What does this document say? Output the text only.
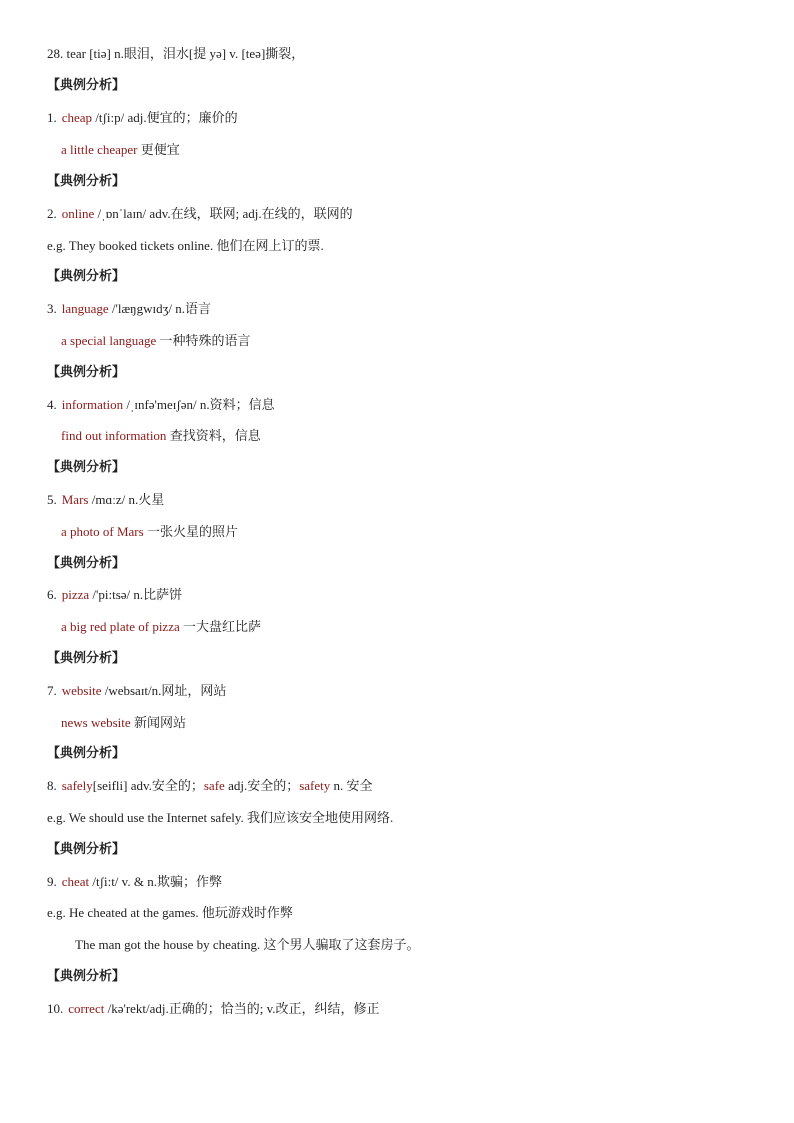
28. tear [tiə] n.眼泪，泪水[提 yə] v. [teə]撕裂，
【典例分析】
1. cheap /tʃi:p/ adj.便宜的；廉价的
a little cheaper 更便宜
【典例分析】
2. online /ˌɒnˈlaɪn/ adv.在线，联网; adj.在线的，联网的
e.g. They booked tickets online. 他们在网上订的票.
【典例分析】
3. language /'læŋgwɪdʒ/ n.语言
a special language 一种特殊的语言
【典例分析】
4. information /ˌɪnfə'meɪʃən/ n.资料；信息
find out information 查找资料，信息
【典例分析】
5. Mars /mɑːz/ n.火星
a photo of Mars 一张火星的照片
【典例分析】
6. pizza /'pi:tsə/ n.比萨饼
a big red plate of pizza 一大盘红比萨
【典例分析】
7. website /websaɪt/n.网址，网站
news website 新闻网站
【典例分析】
8. safely[seifli] adv.安全的；safe adj.安全的；safety n. 安全
e.g. We should use the Internet safely. 我们应该安全地使用网络.
【典例分析】
9. cheat /tʃi:t/ v. & n.欺骗；作弊
e.g. He cheated at the games. 他玩游戏时作弊
The man got the house by cheating. 这个男人骗取了这套房子。
【典例分析】
10. correct /kə'rekt/adj.正确的；恰当的; v.改正，纠结，修正
